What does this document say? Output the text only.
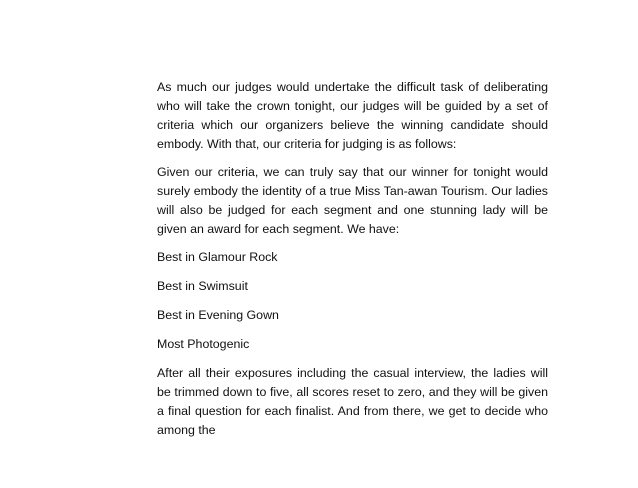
As much our judges would undertake the difficult task of deliberating who will take the crown tonight, our judges will be guided by a set of criteria which our organizers believe the winning candidate should embody. With that, our criteria for judging is as follows:

Given our criteria, we can truly say that our winner for tonight would surely embody the identity of a true Miss Tan-awan Tourism. Our ladies will also be judged for each segment and one stunning lady will be given an award for each segment. We have:

Best in Glamour Rock

Best in Swimsuit

Best in Evening Gown

Most Photogenic

After all their exposures including the casual interview, the ladies will be trimmed down to five, all scores reset to zero, and they will be given a final question for each finalist. And from there, we get to decide who among the
